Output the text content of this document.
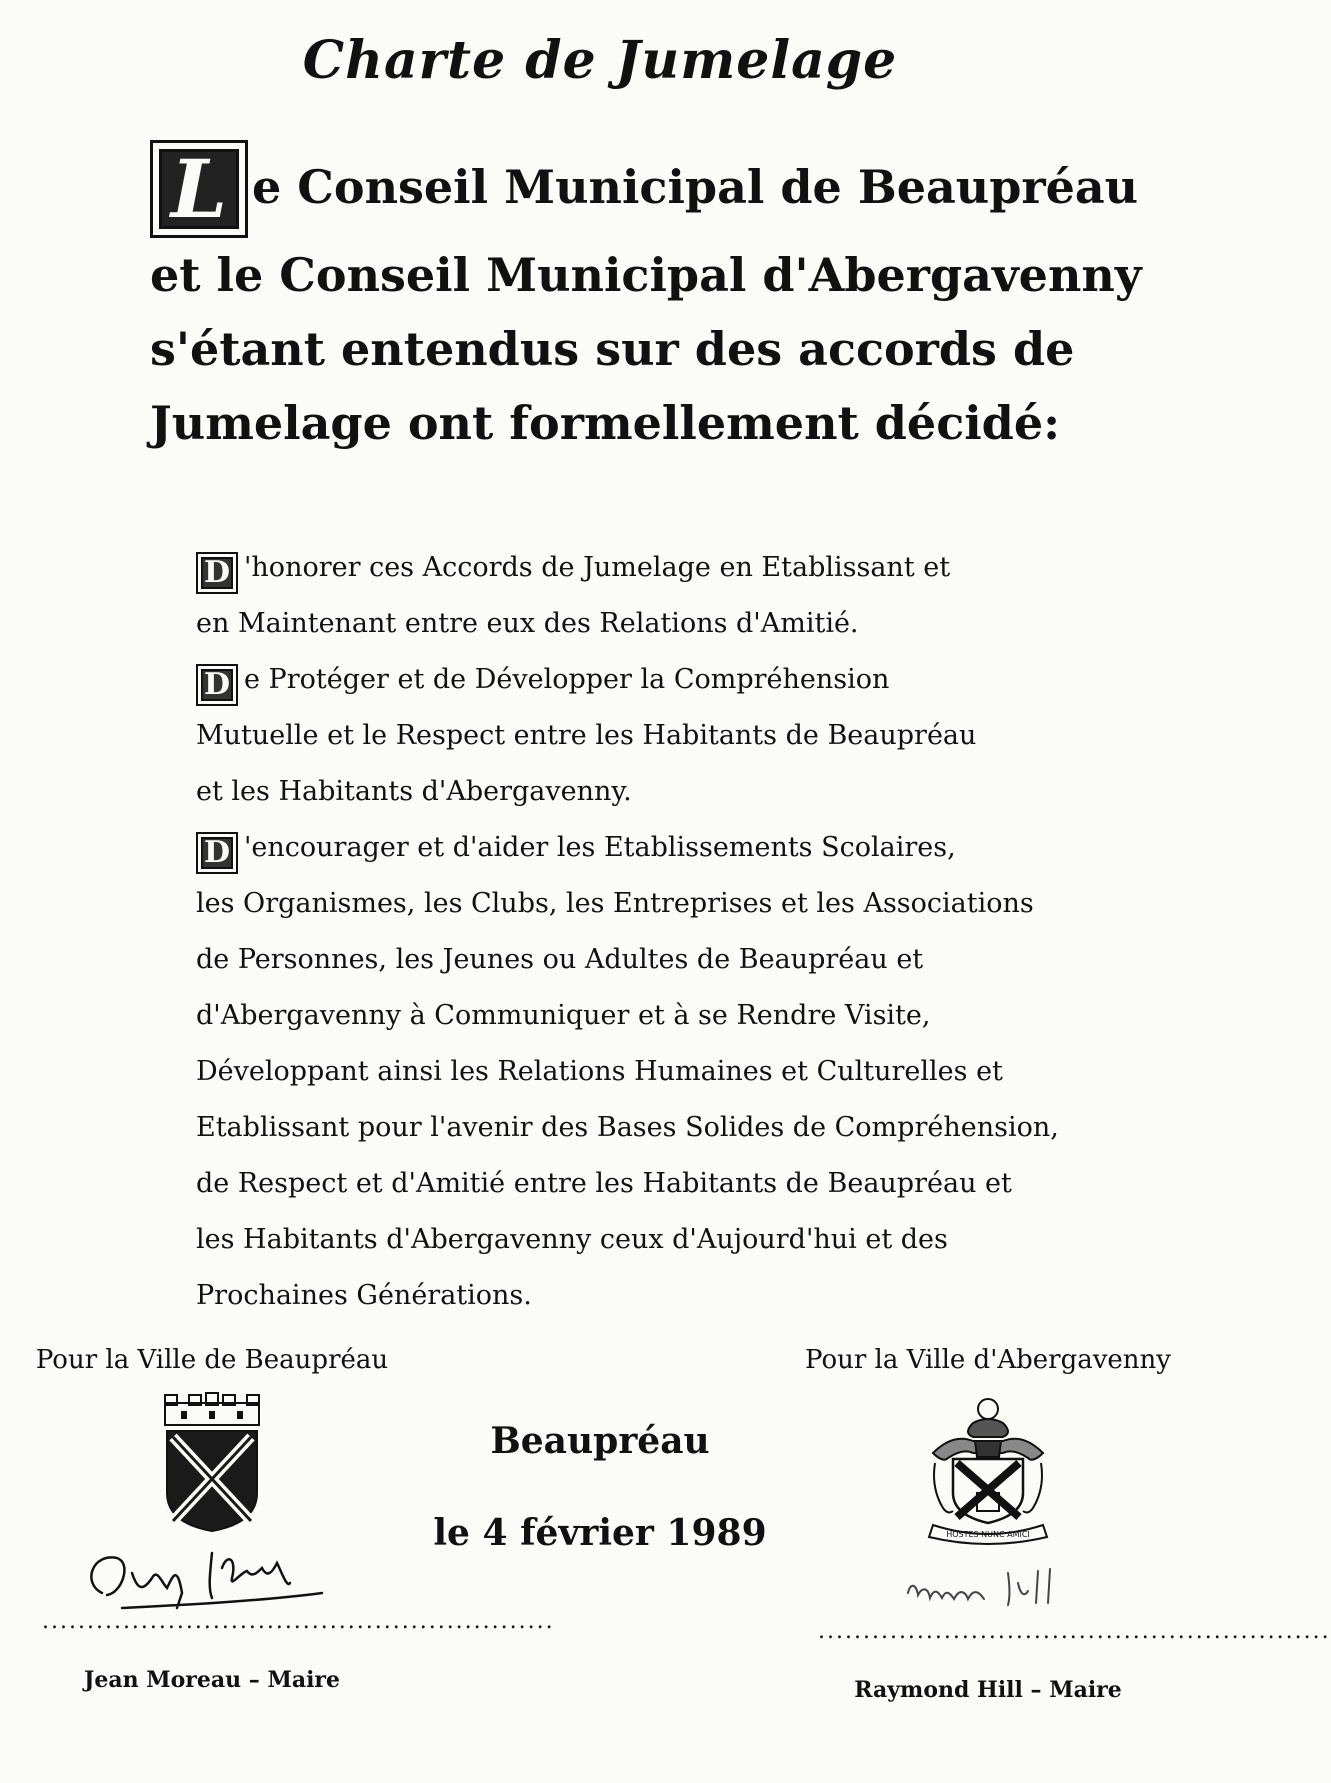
Charte de Jumelage
L e Conseil Municipal de Beaupréau
et le Conseil Municipal d'Abergavenny
s'étant entendus sur des accords de
Jumelage ont formellement décidé:
D 'honorer ces Accords de Jumelage en Etablissant et
en Maintenant entre eux des Relations d'Amitié.
D e Protéger et de Développer la Compréhension
Mutuelle et le Respect entre les Habitants de Beaupréau
et les Habitants d'Abergavenny.
D 'encourager et d'aider les Etablissements Scolaires,
les Organismes, les Clubs, les Entreprises et les Associations
de Personnes, les Jeunes ou Adultes de Beaupréau et
d'Abergavenny à Communiquer et à se Rendre Visite,
Développant ainsi les Relations Humaines et Culturelles et
Etablissant pour l'avenir des Bases Solides de Compréhension,
de Respect et d'Amitié entre les Habitants de Beaupréau et
les Habitants d'Abergavenny ceux d'Aujourd'hui et des
Prochaines Générations.
Pour la Ville de Beaupréau
.........................................................
Jean Moreau – Maire
Beaupréau
le 4 février 1989
Pour la Ville d'Abergavenny
HOSTES NUNC AMICI
.........................................................
Raymond Hill – Maire
